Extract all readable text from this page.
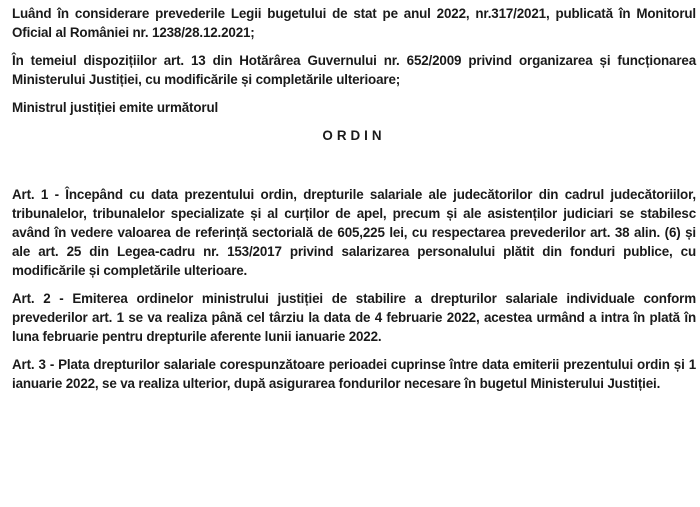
Luând în considerare prevederile Legii bugetului de stat pe anul 2022, nr.317/2021, publicată în Monitorul Oficial al României nr. 1238/28.12.2021;

În temeiul dispozițiilor art. 13 din Hotărârea Guvernului nr. 652/2009 privind organizarea și funcționarea Ministerului Justiției, cu modificările și completările ulterioare;

Ministrul justiției emite următorul

ORDIN

Art. 1 - Începând cu data prezentului ordin, drepturile salariale ale judecătorilor din cadrul judecătoriilor, tribunalelor, tribunalelor specializate și al curților de apel, precum și ale asistenților judiciari se stabilesc având în vedere valoarea de referință sectorială de 605,225 lei, cu respectarea prevederilor art. 38 alin. (6) și ale art. 25 din Legea-cadru nr. 153/2017 privind salarizarea personalului plătit din fonduri publice, cu modificările și completările ulterioare.

Art. 2 - Emiterea ordinelor ministrului justiției de stabilire a drepturilor salariale individuale conform prevederilor art. 1 se va realiza până cel târziu la data de 4 februarie 2022, acestea urmând a intra în plată în luna februarie pentru drepturile aferente lunii ianuarie 2022.

Art. 3 - Plata drepturilor salariale corespunzătoare perioadei cuprinse între data emiterii prezentului ordin și 1 ianuarie 2022, se va realiza ulterior, după asigurarea fondurilor necesare în bugetul Ministerului Justiției.
